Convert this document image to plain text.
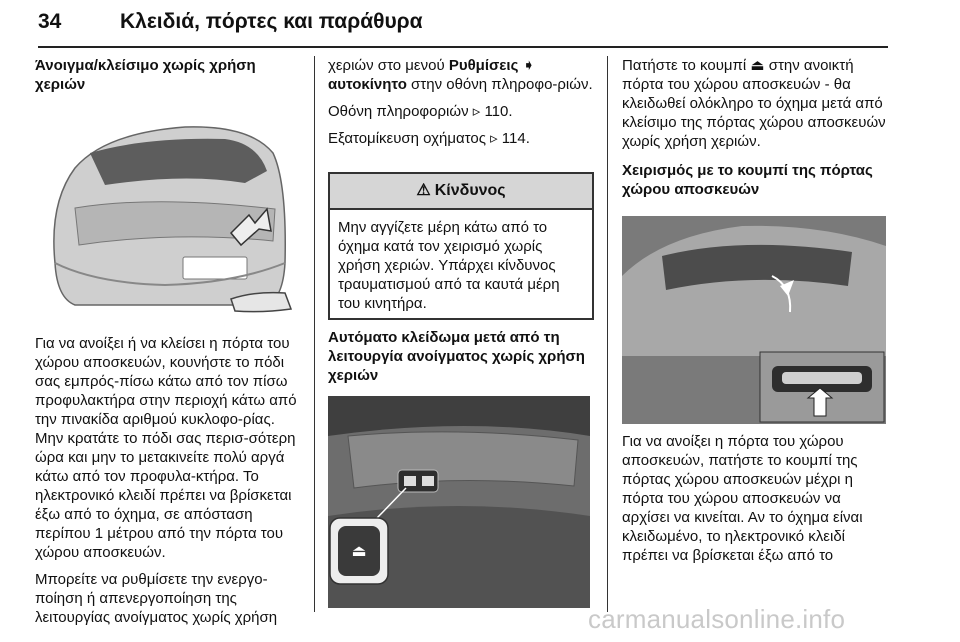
34	Κλειδιά, πόρτες και παράθυρα

Άνοιγμα/κλείσιμο χωρίς χρήση χεριών

Για να ανοίξει ή να κλείσει η πόρτα του χώρου αποσκευών, κουνήστε το πόδι σας εμπρός-πίσω κάτω από τον πίσω προφυλακτήρα στην περιοχή κάτω από την πινακίδα αριθμού κυκλοφο-ρίας. Μην κρατάτε το πόδι σας περισ-σότερη ώρα και μην το μετακινείτε πολύ αργά κάτω από τον προφυλα-κτήρα. Το ηλεκτρονικό κλειδί πρέπει να βρίσκεται έξω από το όχημα, σε απόσταση περίπου 1 μέτρου από την πόρτα του χώρου αποσκευών.

Μπορείτε να ρυθμίσετε την ενεργο-ποίηση ή απενεργοποίηση της λειτουργίας ανοίγματος χωρίς χρήση

χεριών στο μενού Ρυθμίσεις ➧
αυτοκίνητο στην οθόνη πληροφο-ριών.

Οθόνη πληροφοριών ▹ 110.

Εξατομίκευση οχήματος ▹ 114.

⚠ Κίνδυνος
Μην αγγίζετε μέρη κάτω από το όχημα κατά τον χειρισμό χωρίς χρήση χεριών. Υπάρχει κίνδυνος τραυματισμού από τα καυτά μέρη του κινητήρα.

Αυτόματο κλείδωμα μετά από τη λειτουργία ανοίγματος χωρίς χρήση χεριών

⏏

Πατήστε το κουμπί ⏏ στην ανοικτή πόρτα του χώρου αποσκευών - θα κλειδωθεί ολόκληρο το όχημα μετά από κλείσιμο της πόρτας χώρου αποσκευών χωρίς χρήση χεριών.

Χειρισμός με το κουμπί της πόρτας χώρου αποσκευών

Για να ανοίξει η πόρτα του χώρου αποσκευών, πατήστε το κουμπί της πόρτας χώρου αποσκευών μέχρι η πόρτα του χώρου αποσκευών να αρχίσει να κινείται. Αν το όχημα είναι κλειδωμένο, το ηλεκτρονικό κλειδί πρέπει να βρίσκεται έξω από το

carmanualsonline.info
